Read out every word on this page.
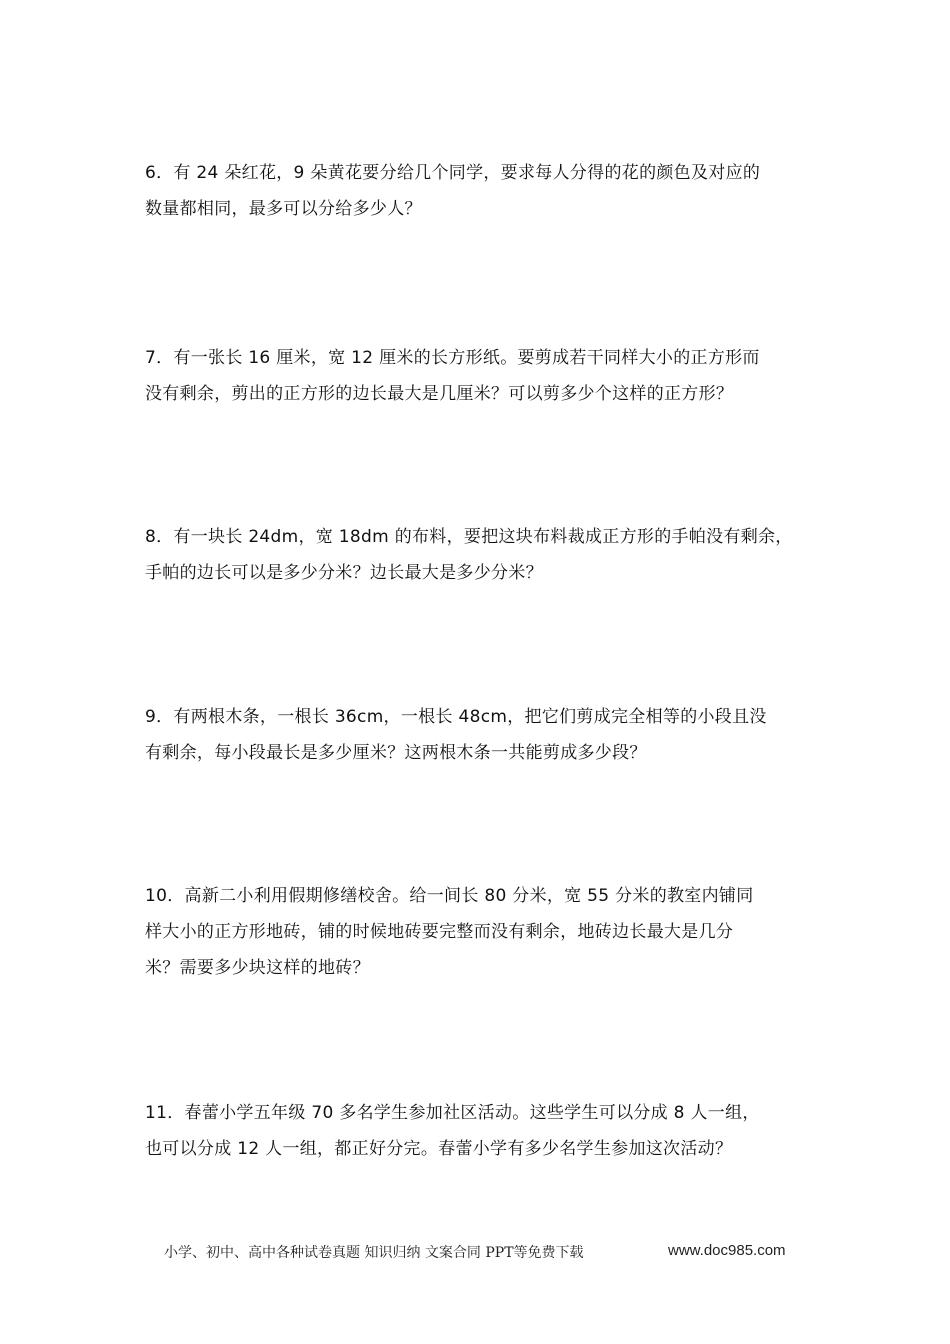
6．有 24 朵红花，9 朵黄花要分给几个同学，要求每人分得的花的颜色及对应的

数量都相同，最多可以分给多少人？

7．有一张长 16 厘米，宽 12 厘米的长方形纸。要剪成若干同样大小的正方形而

没有剩余，剪出的正方形的边长最大是几厘米？可以剪多少个这样的正方形？

8．有一块长 24dm，宽 18dm 的布料，要把这块布料裁成正方形的手帕没有剩余，

手帕的边长可以是多少分米？边长最大是多少分米？

9．有两根木条，一根长 36cm，一根长 48cm，把它们剪成完全相等的小段且没

有剩余，每小段最长是多少厘米？这两根木条一共能剪成多少段？

10．高新二小利用假期修缮校舍。给一间长 80 分米，宽 55 分米的教室内铺同

样大小的正方形地砖，铺的时候地砖要完整而没有剩余，地砖边长最大是几分

米？需要多少块这样的地砖？

11．春蕾小学五年级 70 多名学生参加社区活动。这些学生可以分成 8 人一组，

也可以分成 12 人一组，都正好分完。春蕾小学有多少名学生参加这次活动？

小学、初中、高中各种试卷真题 知识归纳 文案合同 PPT等免费下载	www.doc985.com
